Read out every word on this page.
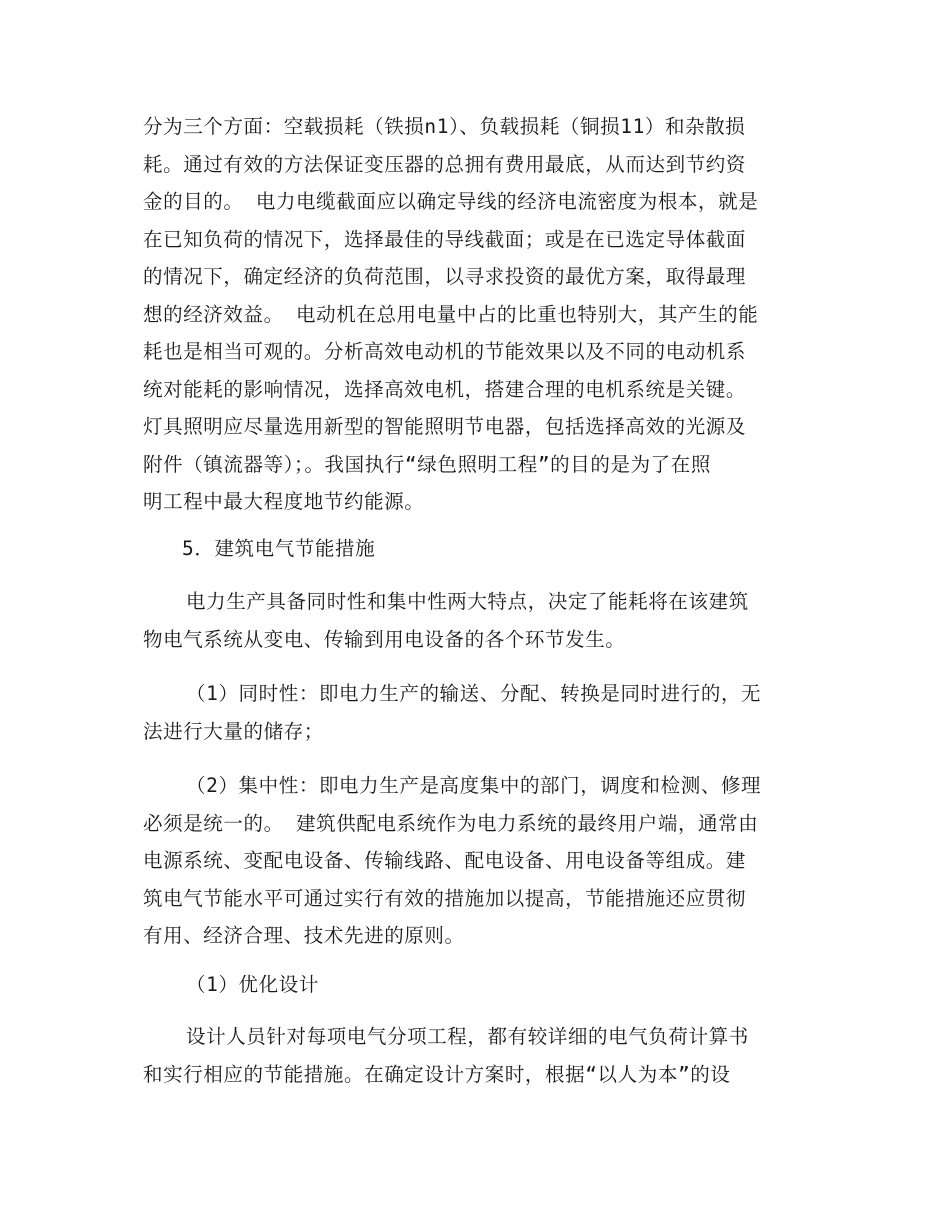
分为三个方面：空载损耗（铁损n1）、负载损耗（铜损11）和杂散损
耗。通过有效的方法保证变压器的总拥有费用最底，从而达到节约资
金的目的。 电力电缆截面应以确定导线的经济电流密度为根本，就是
在已知负荷的情况下，选择最佳的导线截面；或是在已选定导体截面
的情况下，确定经济的负荷范围，以寻求投资的最优方案，取得最理
想的经济效益。 电动机在总用电量中占的比重也特别大，其产生的能
耗也是相当可观的。分析高效电动机的节能效果以及不同的电动机系
统对能耗的影响情况，选择高效电机，搭建合理的电机系统是关键。
灯具照明应尽量选用新型的智能照明节电器，包括选择高效的光源及
附件（镇流器等）；。我国执行“绿色照明工程”的目的是为了在照
明工程中最大程度地节约能源。
5．建筑电气节能措施
电力生产具备同时性和集中性两大特点，决定了能耗将在该建筑
物电气系统从变电、传输到用电设备的各个环节发生。
（1）同时性：即电力生产的输送、分配、转换是同时进行的，无
法进行大量的储存；
（2）集中性：即电力生产是高度集中的部门，调度和检测、修理
必须是统一的。 建筑供配电系统作为电力系统的最终用户端，通常由
电源系统、变配电设备、传输线路、配电设备、用电设备等组成。建
筑电气节能水平可通过实行有效的措施加以提高，节能措施还应贯彻
有用、经济合理、技术先进的原则。
（1）优化设计
设计人员针对每项电气分项工程，都有较详细的电气负荷计算书
和实行相应的节能措施。在确定设计方案时，根据“以人为本”的设
